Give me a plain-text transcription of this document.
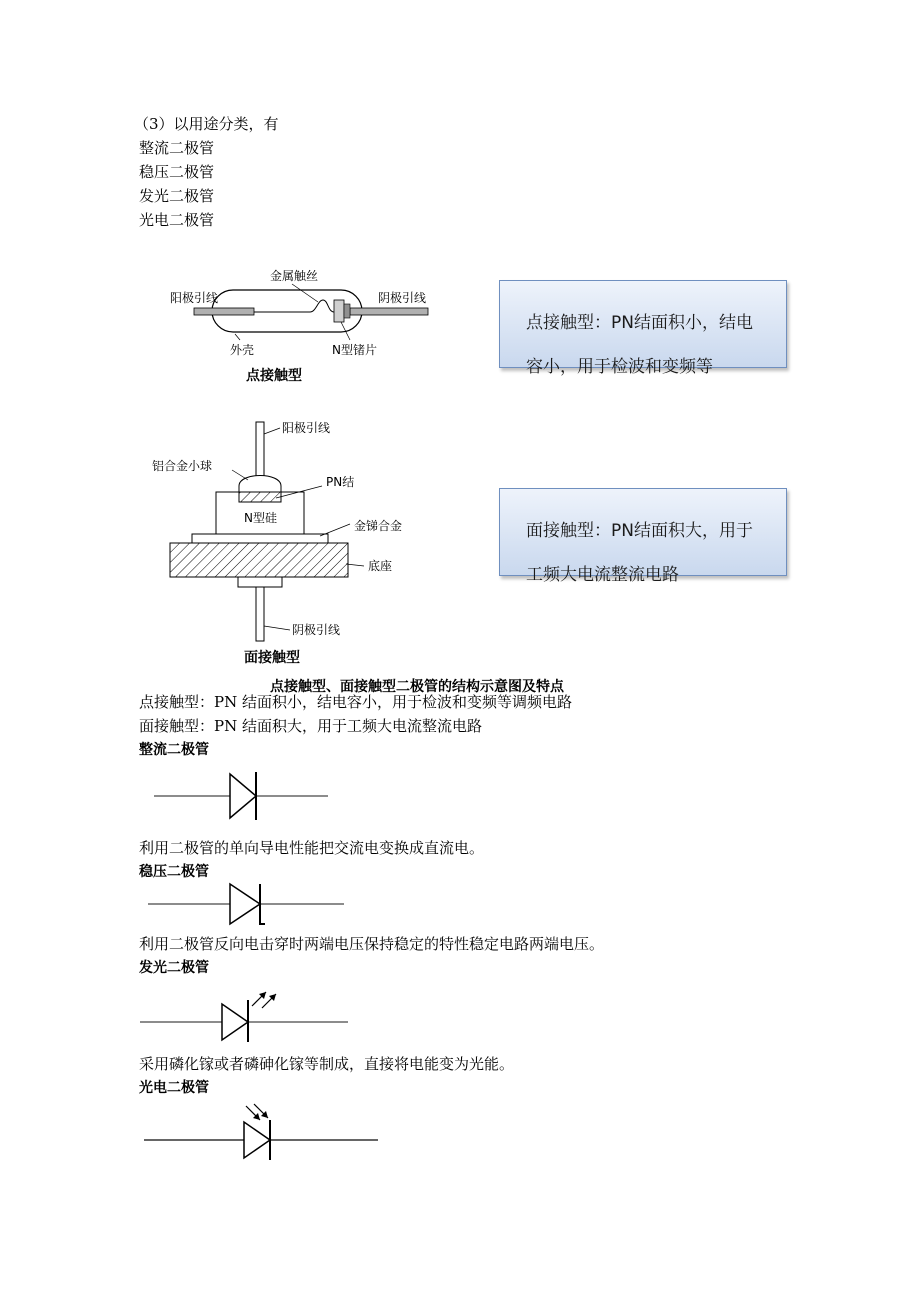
（3）以用途分类，有
整流二极管
稳压二极管
发光二极管
光电二极管
金属触丝
阳极引线	阴极引线
外壳	N型锗片
点接触型
点接触型：PN结面积小，结电容小，用于检波和变频等
阳极引线
铝合金小球
PN结
N型硅
金锑合金
底座
阴极引线
面接触型
面接触型：PN结面积大，用于工频大电流整流电路
点接触型、面接触型二极管的结构示意图及特点
点接触型：PN 结面积小，结电容小，用于检波和变频等调频电路
面接触型：PN 结面积大，用于工频大电流整流电路
整流二极管
利用二极管的单向导电性能把交流电变换成直流电。
稳压二极管
利用二极管反向电击穿时两端电压保持稳定的特性稳定电路两端电压。
发光二极管
采用磷化镓或者磷砷化镓等制成，直接将电能变为光能。
光电二极管
